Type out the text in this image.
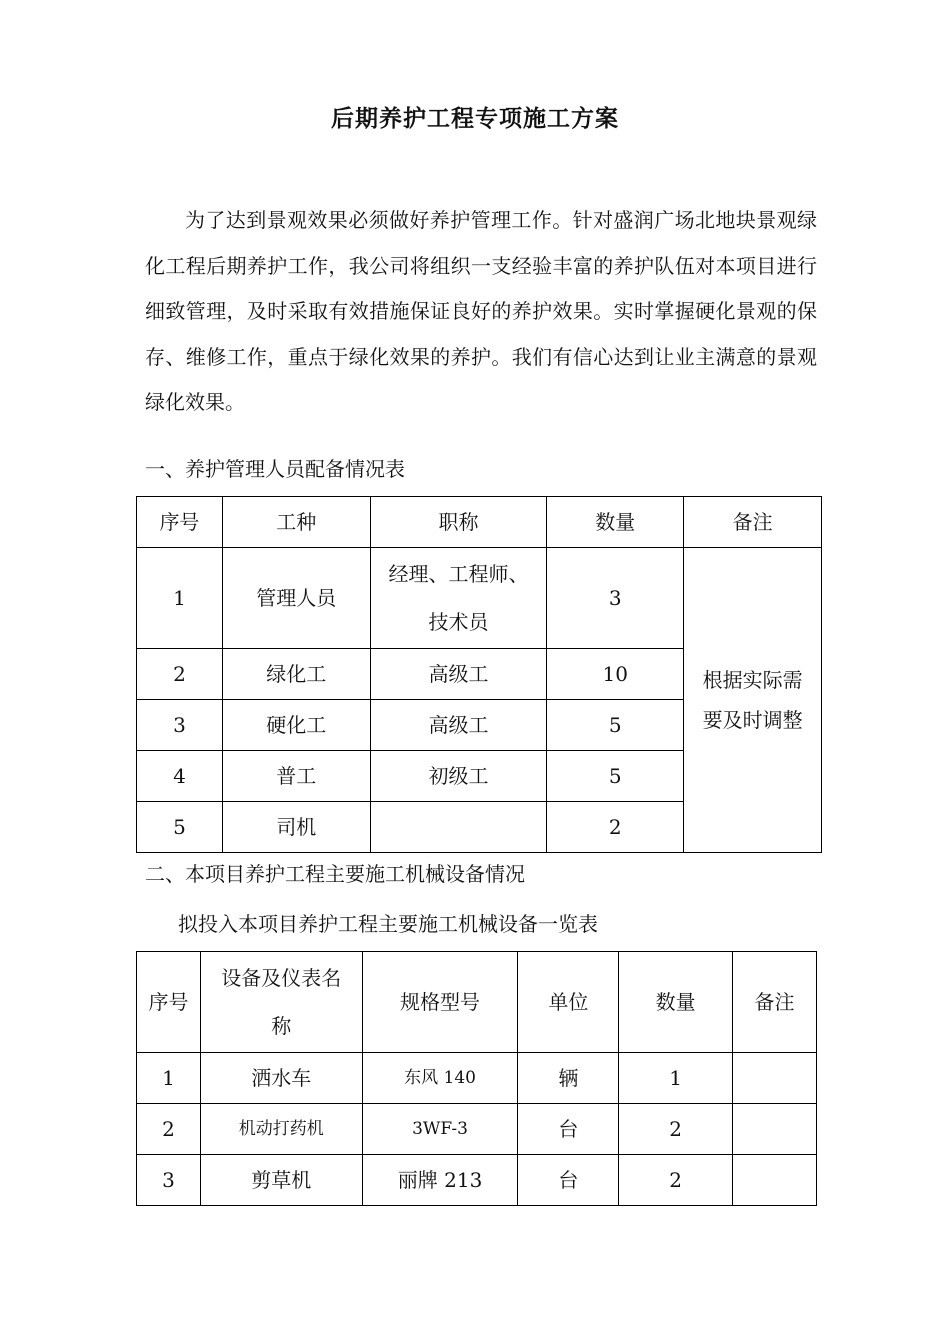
后期养护工程专项施工方案

为了达到景观效果必须做好养护管理工作。针对盛润广场北地块景观绿化工程后期养护工作，我公司将组织一支经验丰富的养护队伍对本项目进行细致管理，及时采取有效措施保证良好的养护效果。实时掌握硬化景观的保存、维修工作，重点于绿化效果的养护。我们有信心达到让业主满意的景观绿化效果。

一、养护管理人员配备情况表

序号	工种	职称	数量	备注
1	管理人员	经理、工程师、技术员	3	根据实际需要及时调整
2	绿化工	高级工	10	
3	硬化工	高级工	5	
4	普工	初级工	5	
5	司机		2	

二、本项目养护工程主要施工机械设备情况

拟投入本项目养护工程主要施工机械设备一览表

序号	设备及仪表名称	规格型号	单位	数量	备注
1	洒水车	东风 140	辆	1	
2	机动打药机	3WF-3	台	2	
3	剪草机	丽牌 213	台	2	
